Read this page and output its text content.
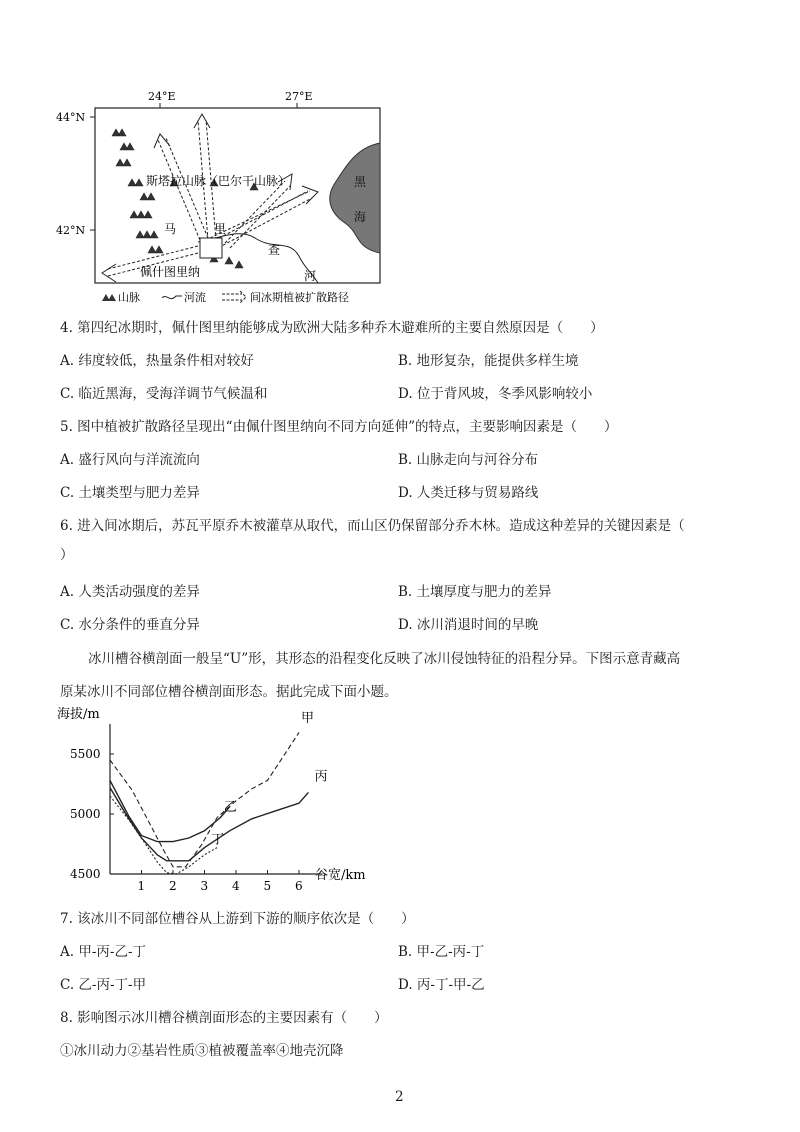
24°E	27°E
44°N
42°N
黑
海
马	里
查
河
佩什图里纳
斯塔拉山脉（巴尔干山脉）
山脉	河流	间冰期植被扩散路径
4. 第四纪冰期时，佩什图里纳能够成为欧洲大陆多种乔木避难所的主要自然原因是（　　）
A. 纬度较低，热量条件相对较好	B. 地形复杂，能提供多样生境
C. 临近黑海，受海洋调节气候温和	D. 位于背风坡，冬季风影响较小
5. 图中植被扩散路径呈现出“由佩什图里纳向不同方向延伸”的特点，主要影响因素是（　　）
A. 盛行风向与洋流流向	B. 山脉走向与河谷分布
C. 土壤类型与肥力差异	D. 人类迁移与贸易路线
6. 进入间冰期后，苏瓦平原乔木被灌草从取代，而山区仍保留部分乔木林。造成这种差异的关键因素是（
）
A. 人类活动强度的差异	B. 土壤厚度与肥力的差异
C. 水分条件的垂直分异	D. 冰川消退时间的早晚
冰川槽谷横剖面一般呈“U”形，其形态的沿程变化反映了冰川侵蚀特征的沿程分异。下图示意青藏高
原某冰川不同部位槽谷横剖面形态。据此完成下面小题。
海拔/m
谷宽/km
5500
5000
4500
1 2 3 4 5 6
甲
乙
丙
丁
7. 该冰川不同部位槽谷从上游到下游的顺序依次是（　　）
A. 甲-丙-乙-丁	B. 甲-乙-丙-丁
C. 乙-丙-丁-甲	D. 丙-丁-甲-乙
8. 影响图示冰川槽谷横剖面形态的主要因素有（　　）
①冰川动力②基岩性质③植被覆盖率④地壳沉降
2
